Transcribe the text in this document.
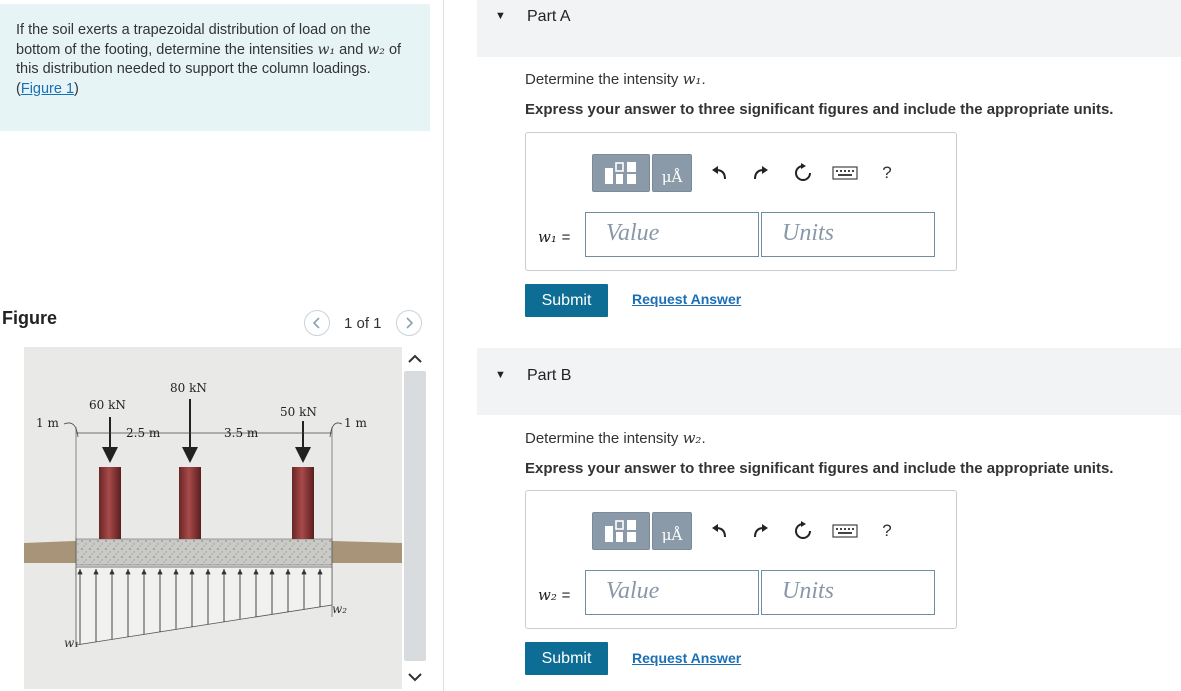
If the soil exerts a trapezoidal distribution of load on the bottom of the footing, determine the intensities w₁ and w₂ of this distribution needed to support the column loadings.
(Figure 1)
Figure	1 of 1
60 kN
80 kN
50 kN
1 m
2.5 m	3.5 m
1 m
w₁
w₂
▼ Part A
Determine the intensity w₁.
Express your answer to three significant figures and include the appropriate units.
μÅ	?
w₁ =	Value	Units
Submit	Request Answer
▼ Part B
Determine the intensity w₂.
Express your answer to three significant figures and include the appropriate units.
μÅ	?
w₂ =	Value	Units
Submit	Request Answer
